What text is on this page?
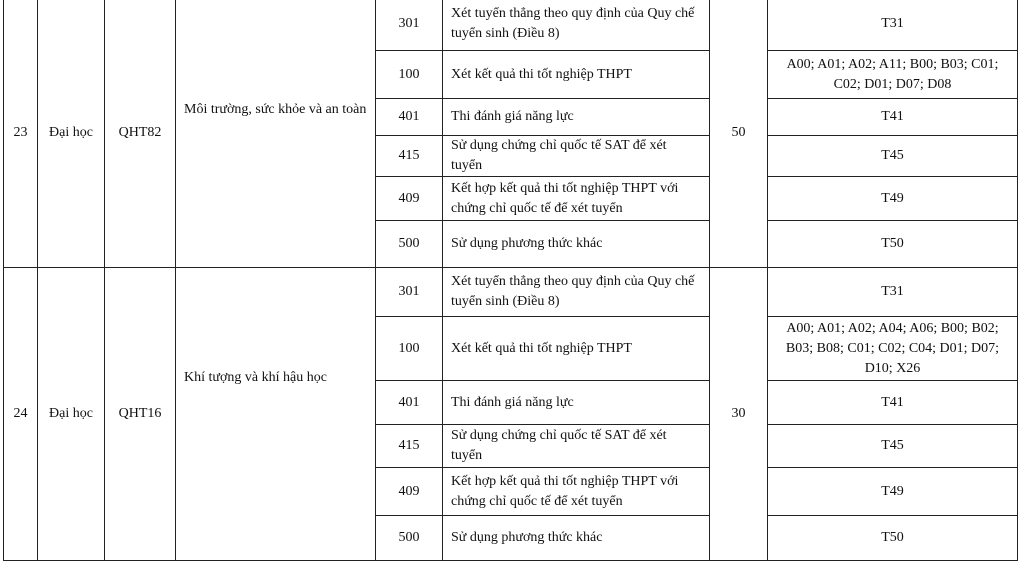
23	Đại học	QHT82	Môi trường, sức khỏe và an toàn	301	Xét tuyển thẳng theo quy định của Quy chế tuyển sinh (Điều 8)	50	T31
				100	Xét kết quả thi tốt nghiệp THPT		A00; A01; A02; A11; B00; B03; C01; C02; D01; D07; D08
				401	Thi đánh giá năng lực		T41
				415	Sử dụng chứng chỉ quốc tế SAT để xét tuyển		T45
				409	Kết hợp kết quả thi tốt nghiệp THPT với chứng chỉ quốc tế để xét tuyển		T49
				500	Sử dụng phương thức khác		T50
24	Đại học	QHT16	Khí tượng và khí hậu học	301	Xét tuyển thẳng theo quy định của Quy chế tuyển sinh (Điều 8)	30	T31
				100	Xét kết quả thi tốt nghiệp THPT		A00; A01; A02; A04; A06; B00; B02; B03; B08; C01; C02; C04; D01; D07; D10; X26
				401	Thi đánh giá năng lực		T41
				415	Sử dụng chứng chỉ quốc tế SAT để xét tuyển		T45
				409	Kết hợp kết quả thi tốt nghiệp THPT với chứng chỉ quốc tế để xét tuyển		T49
				500	Sử dụng phương thức khác		T50
